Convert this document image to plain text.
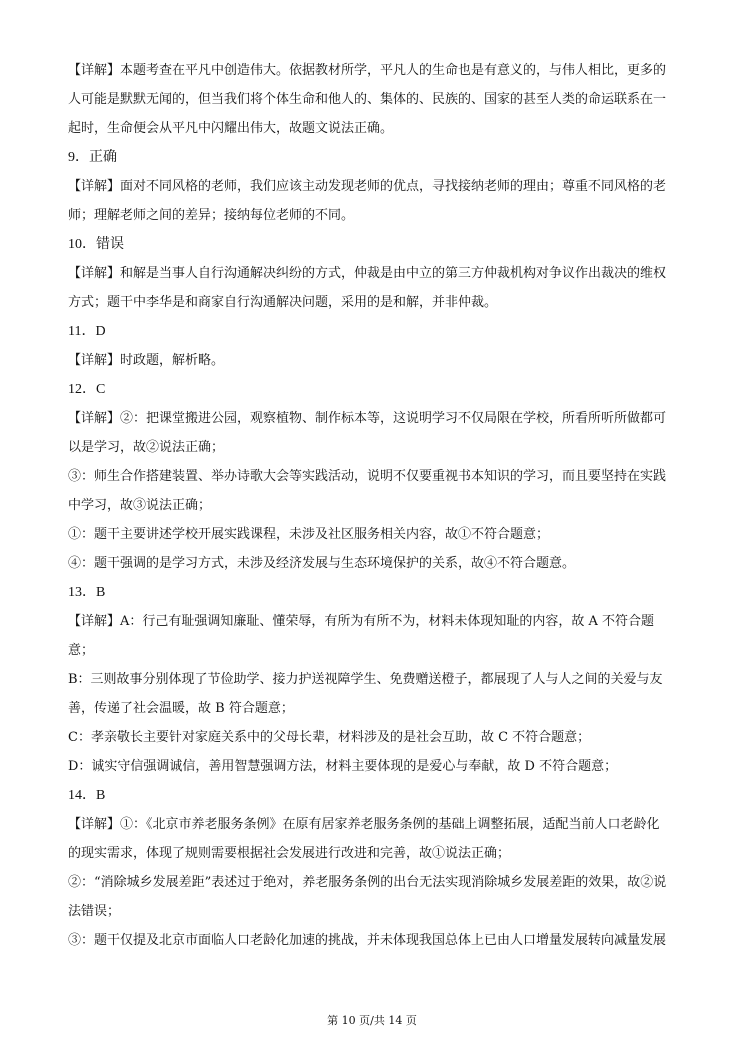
【详解】本题考查在平凡中创造伟大。依据教材所学，平凡人的生命也是有意义的，与伟人相比，更多的
人可能是默默无闻的，但当我们将个体生命和他人的、集体的、民族的、国家的甚至人类的命运联系在一
起时，生命便会从平凡中闪耀出伟大，故题文说法正确。
9．正确
【详解】面对不同风格的老师，我们应该主动发现老师的优点，寻找接纳老师的理由；尊重不同风格的老
师；理解老师之间的差异；接纳每位老师的不同。
10．错误
【详解】和解是当事人自行沟通解决纠纷的方式，仲裁是由中立的第三方仲裁机构对争议作出裁决的维权
方式；题干中李华是和商家自行沟通解决问题，采用的是和解，并非仲裁。
11．D
【详解】时政题，解析略。
12．C
【详解】②：把课堂搬进公园，观察植物、制作标本等，这说明学习不仅局限在学校，所看所听所做都可
以是学习，故②说法正确；
③：师生合作搭建装置、举办诗歌大会等实践活动，说明不仅要重视书本知识的学习，而且要坚持在实践
中学习，故③说法正确；
①：题干主要讲述学校开展实践课程，未涉及社区服务相关内容，故①不符合题意；
④：题干强调的是学习方式，未涉及经济发展与生态环境保护的关系，故④不符合题意。
13．B
【详解】A：行己有耻强调知廉耻、懂荣辱，有所为有所不为，材料未体现知耻的内容，故 A 不符合题
意；
B：三则故事分别体现了节俭助学、接力护送视障学生、免费赠送橙子，都展现了人与人之间的关爱与友
善，传递了社会温暖，故 B 符合题意；
C：孝亲敬长主要针对家庭关系中的父母长辈，材料涉及的是社会互助，故 C 不符合题意；
D：诚实守信强调诚信，善用智慧强调方法，材料主要体现的是爱心与奉献，故 D 不符合题意；
14．B
【详解】①：《北京市养老服务条例》在原有居家养老服务条例的基础上调整拓展，适配当前人口老龄化
的现实需求，体现了规则需要根据社会发展进行改进和完善，故①说法正确；
②：“消除城乡发展差距”表述过于绝对，养老服务条例的出台无法实现消除城乡发展差距的效果，故②说
法错误；
③：题干仅提及北京市面临人口老龄化加速的挑战，并未体现我国总体上已由人口增量发展转向减量发展
第 10 页/共 14 页
